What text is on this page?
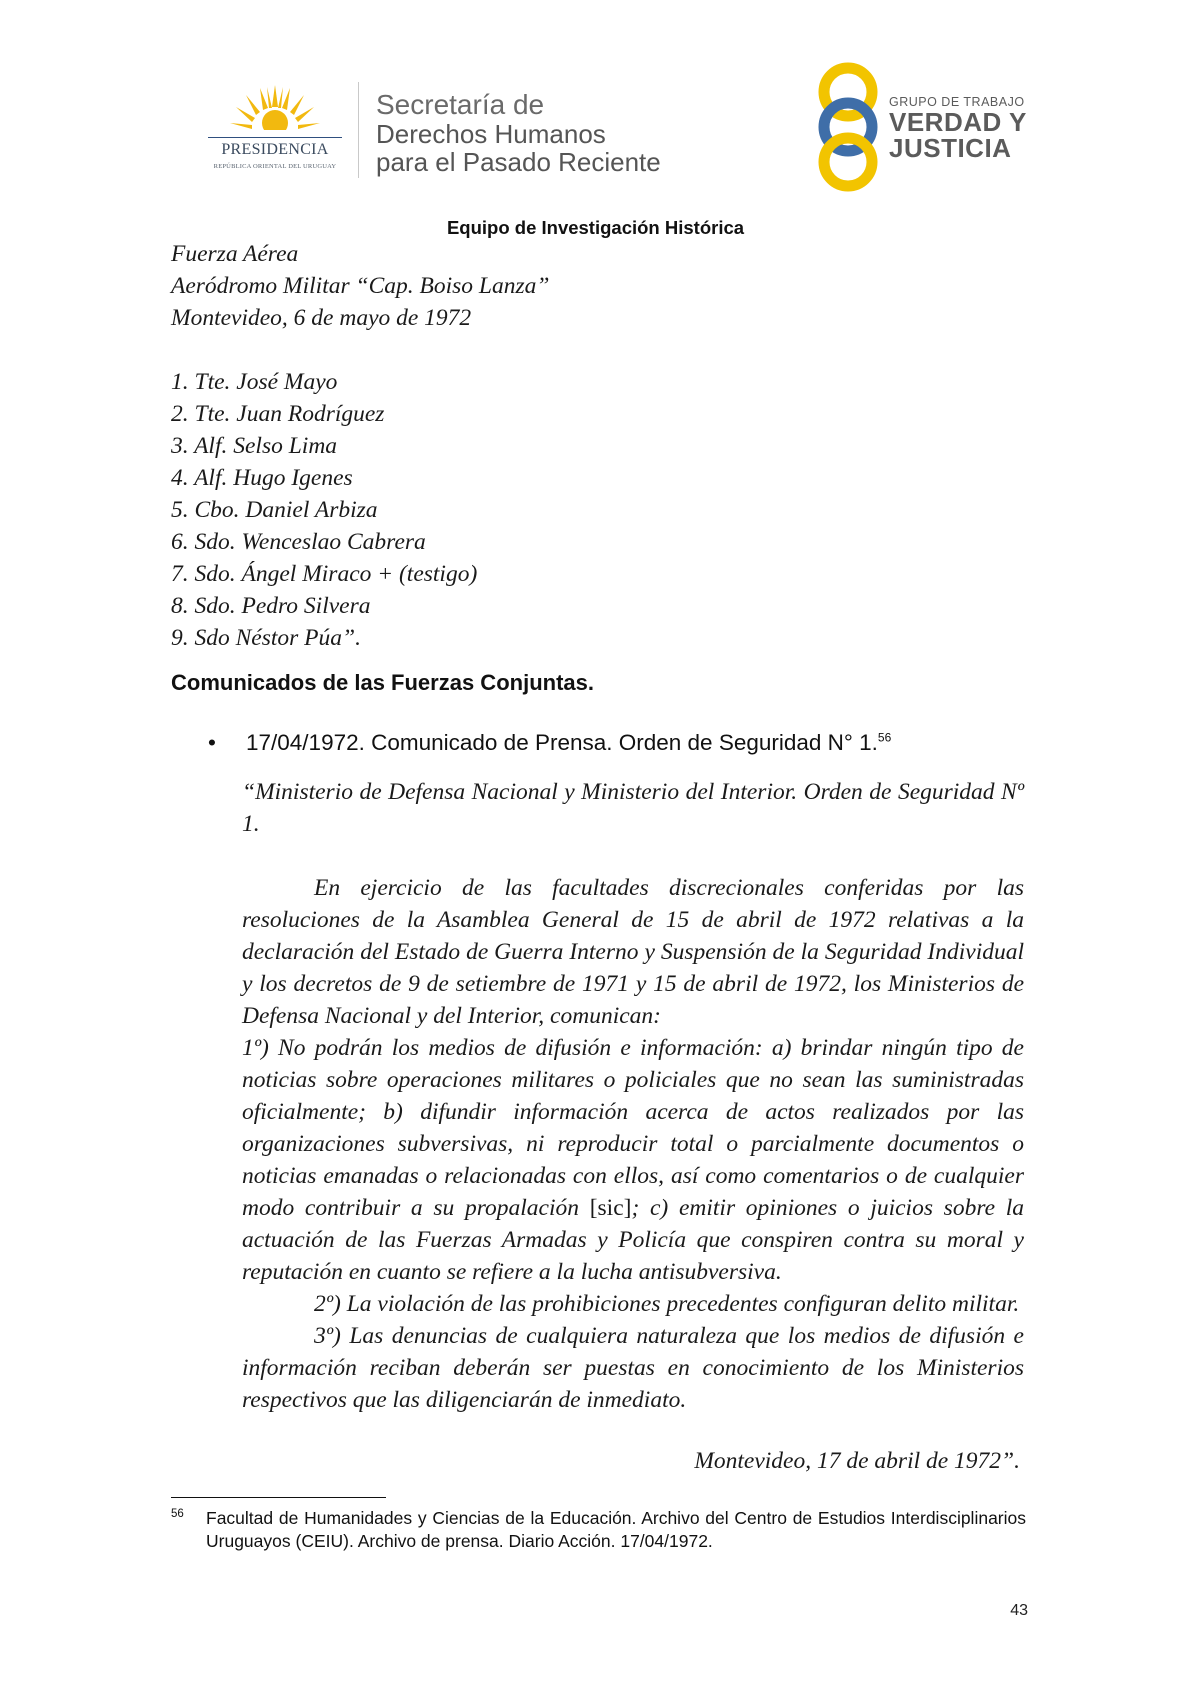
PRESIDENCIA
REPÚBLICA ORIENTAL DEL URUGUAY
Secretaría de
Derechos Humanos
para el Pasado Reciente
GRUPO DE TRABAJO
VERDAD Y
JUSTICIA
Equipo de Investigación Histórica
Fuerza Aérea
Aeródromo Militar “Cap. Boiso Lanza”
Montevideo, 6 de mayo de 1972
1. Tte. José Mayo
2. Tte. Juan Rodríguez
3. Alf. Selso Lima
4. Alf. Hugo Igenes
5. Cbo. Daniel Arbiza
6. Sdo. Wenceslao Cabrera
7. Sdo. Ángel Miraco + (testigo)
8. Sdo. Pedro Silvera
9. Sdo Néstor Púa”.
Comunicados de las Fuerzas Conjuntas.
• 17/04/1972. Comunicado de Prensa. Orden de Seguridad N° 1.56
“Ministerio de Defensa Nacional y Ministerio del Interior. Orden de Seguridad Nº 1.

En ejercicio de las facultades discrecionales conferidas por las resoluciones de la Asamblea General de 15 de abril de 1972 relativas a la declaración del Estado de Guerra Interno y Suspensión de la Seguridad Individual y los decretos de 9 de setiembre de 1971 y 15 de abril de 1972, los Ministerios de Defensa Nacional y del Interior, comunican:

1º) No podrán los medios de difusión e información: a) brindar ningún tipo de noticias sobre operaciones militares o policiales que no sean las suministradas oficialmente; b) difundir información acerca de actos realizados por las organizaciones subversivas, ni reproducir total o parcialmente documentos o noticias emanadas o relacionadas con ellos, así como comentarios o de cualquier modo contribuir a su propalación [sic]; c) emitir opiniones o juicios sobre la actuación de las Fuerzas Armadas y Policía que conspiren contra su moral y reputación en cuanto se refiere a la lucha antisubversiva.

2º) La violación de las prohibiciones precedentes configuran delito militar.

3º) Las denuncias de cualquiera naturaleza que los medios de difusión e información reciban deberán ser puestas en conocimiento de los Ministerios respectivos que las diligenciarán de inmediato.

Montevideo, 17 de abril de 1972”.
56 Facultad de Humanidades y Ciencias de la Educación. Archivo del Centro de Estudios Interdisciplinarios Uruguayos (CEIU). Archivo de prensa. Diario Acción. 17/04/1972.
43
